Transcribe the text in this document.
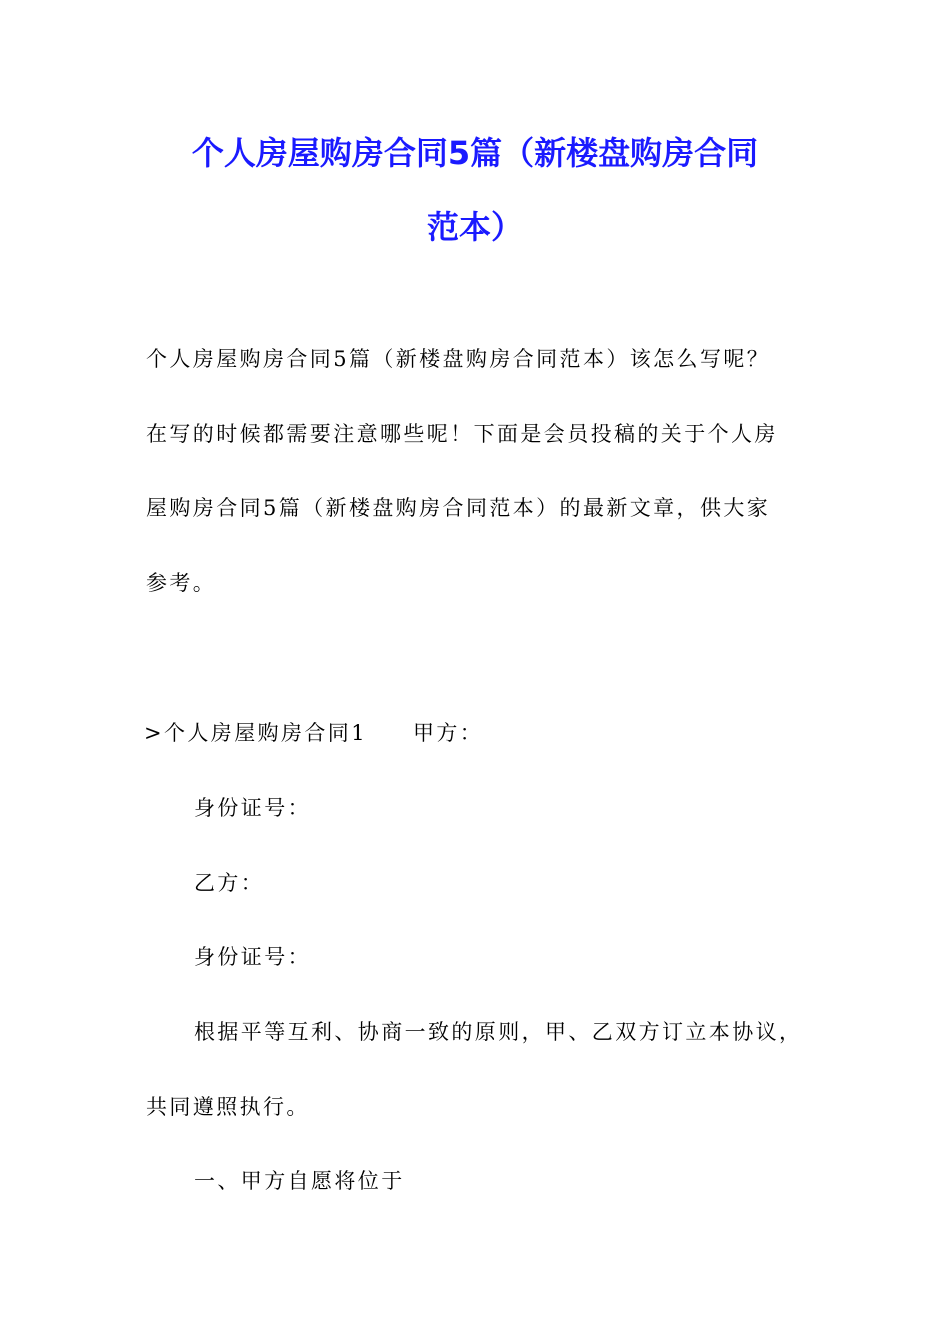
个人房屋购房合同5篇（新楼盘购房合同
范本）

个人房屋购房合同5篇（新楼盘购房合同范本）该怎么写呢？

在写的时候都需要注意哪些呢！下面是会员投稿的关于个人房

屋购房合同5篇（新楼盘购房合同范本）的最新文章，供大家

参考。

>个人房屋购房合同1 甲方：

身份证号：

乙方：

身份证号：

根据平等互利、协商一致的原则，甲、乙双方订立本协议，

共同遵照执行。

一、甲方自愿将位于
